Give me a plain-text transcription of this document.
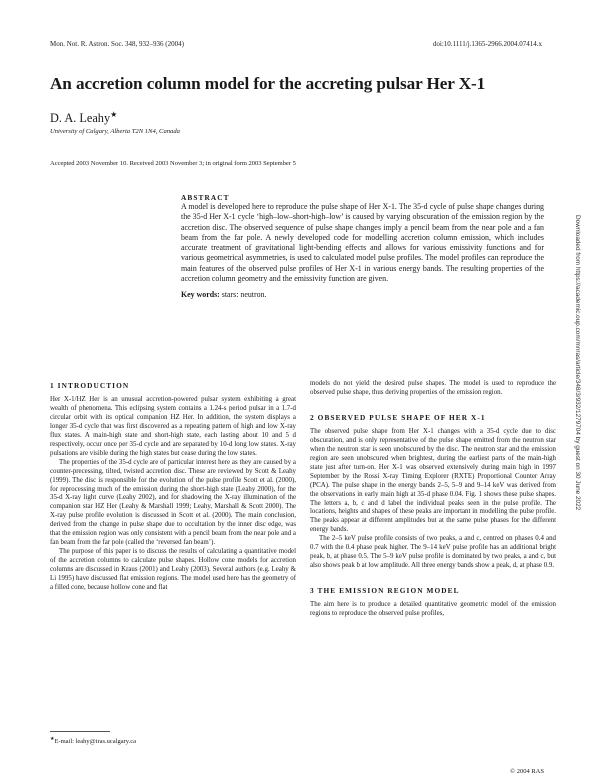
Mon. Not. R. Astron. Soc. 348, 932–936 (2004)	doi:10.1111/j.1365-2966.2004.07414.x
An accretion column model for the accreting pulsar Her X-1
D. A. Leahy★
University of Calgary, Alberta T2N 1N4, Canada
Accepted 2003 November 10. Received 2003 November 3; in original form 2003 September 5

ABSTRACT

A model is developed here to reproduce the pulse shape of Her X-1. The 35-d cycle of pulse shape changes during the 35-d Her X-1 cycle ‘high–low–short-high–low’ is caused by varying obscuration of the emission region by the accretion disc. The observed sequence of pulse shape changes imply a pencil beam from the near pole and a fan beam from the far pole. A newly developed code for modelling accretion column emission, which includes accurate treatment of gravitational light-bending effects and allows for various emissivity functions and for various geometrical asymmetries, is used to calculated model pulse profiles. The model profiles can reproduce the main features of the observed pulse profiles of Her X-1 in various energy bands. The resulting properties of the accretion column geometry and the emissivity function are given.

Key words: stars: neutron.	Downloaded from https://academic.oup.com/mnras/article/348/3/932/1279704 by guest on 30 June 2022

1 INTRODUCTION

Her X-1/HZ Her is an unusual accretion-powered pulsar system exhibiting a great wealth of phenomena. This eclipsing system contains a 1.24-s period pulsar in a 1.7-d circular orbit with its optical companion HZ Her. In addition, the system displays a longer 35-d cycle that was first discovered as a repeating pattern of high and low X-ray flux states. A main-high state and short-high state, each lasting about 10 and 5 d respectively, occur once per 35-d cycle and are separated by 10-d long low states. X-ray pulsations are visible during the high states but cease during the low states.

The properties of the 35-d cycle are of particular interest here as they are caused by a counter-precessing, tilted, twisted accretion disc. These are reviewed by Scott & Leahy (1999). The disc is responsible for the evolution of the pulse profile Scott et al. (2000), for reprocessing much of the emission during the short-high state (Leahy 2000), for the 35-d X-ray light curve (Leahy 2002), and for shadowing the X-ray illumination of the companion star HZ Her (Leahy & Marshall 1999; Leahy, Marshall & Scott 2000). The X-ray pulse profile evolution is discussed in Scott et al. (2000). The main conclusion, derived from the change in pulse shape due to occultation by the inner disc edge, was that the emission region was only consistent with a pencil beam from the near pole and a fan beam from the far pole (called the ‘reversed fan beam’).

The purpose of this paper is to discuss the results of calculating a quantitative model of the accretion columns to calculate pulse shapes. Hollow cone models for accretion columns are discussed in Kraus (2001) and Leahy (2003). Several authors (e.g. Leahy & Li 1995) have discussed flat emission regions. The model used here has the geometry of a filled cone, because hollow cone and flat

models do not yield the desired pulse shapes. The model is used to reproduce the observed pulse shape, thus deriving properties of the emission region.

2 OBSERVED PULSE SHAPE OF HER X-1

The observed pulse shape from Her X-1 changes with a 35-d cycle due to disc obscuration, and is only representative of the pulse shape emitted from the neutron star when the neutron star is seen unobscured by the disc. The neutron star and the emission region are seen unobscured when brightest, during the earliest parts of the main-high state just after turn-on. Her X-1 was observed extensively during main high in 1997 September by the Rossi X-ray Timing Explorer (RXTE) Proportional Counter Array (PCA). The pulse shape in the energy bands 2–5, 5–9 and 9–14 keV was derived from the observations in early main high at 35-d phase 0.04. Fig. 1 shows these pulse shapes. The letters a, b, c and d label the individual peaks seen in the pulse profile. The locations, heights and shapes of these peaks are important in modelling the pulse profile. The peaks appear at different amplitudes but at the same pulse phases for the different energy bands.

The 2–5 keV pulse profile consists of two peaks, a and c, centred on phases 0.4 and 0.7 with the 0.4 phase peak higher. The 9–14 keV pulse profile has an additional bright peak, b, at phase 0.5. The 5–9 keV pulse profile is dominated by two peaks, a and c, but also shows peak b at low amplitude. All three energy bands show a peak, d, at phase 0.9.

3 THE EMISSION REGION MODEL

The aim here is to produce a detailed quantitative geometric model of the emission regions to reproduce the observed pulse profiles,

★E-mail: leahy@iras.ucalgary.ca
© 2004 RAS
